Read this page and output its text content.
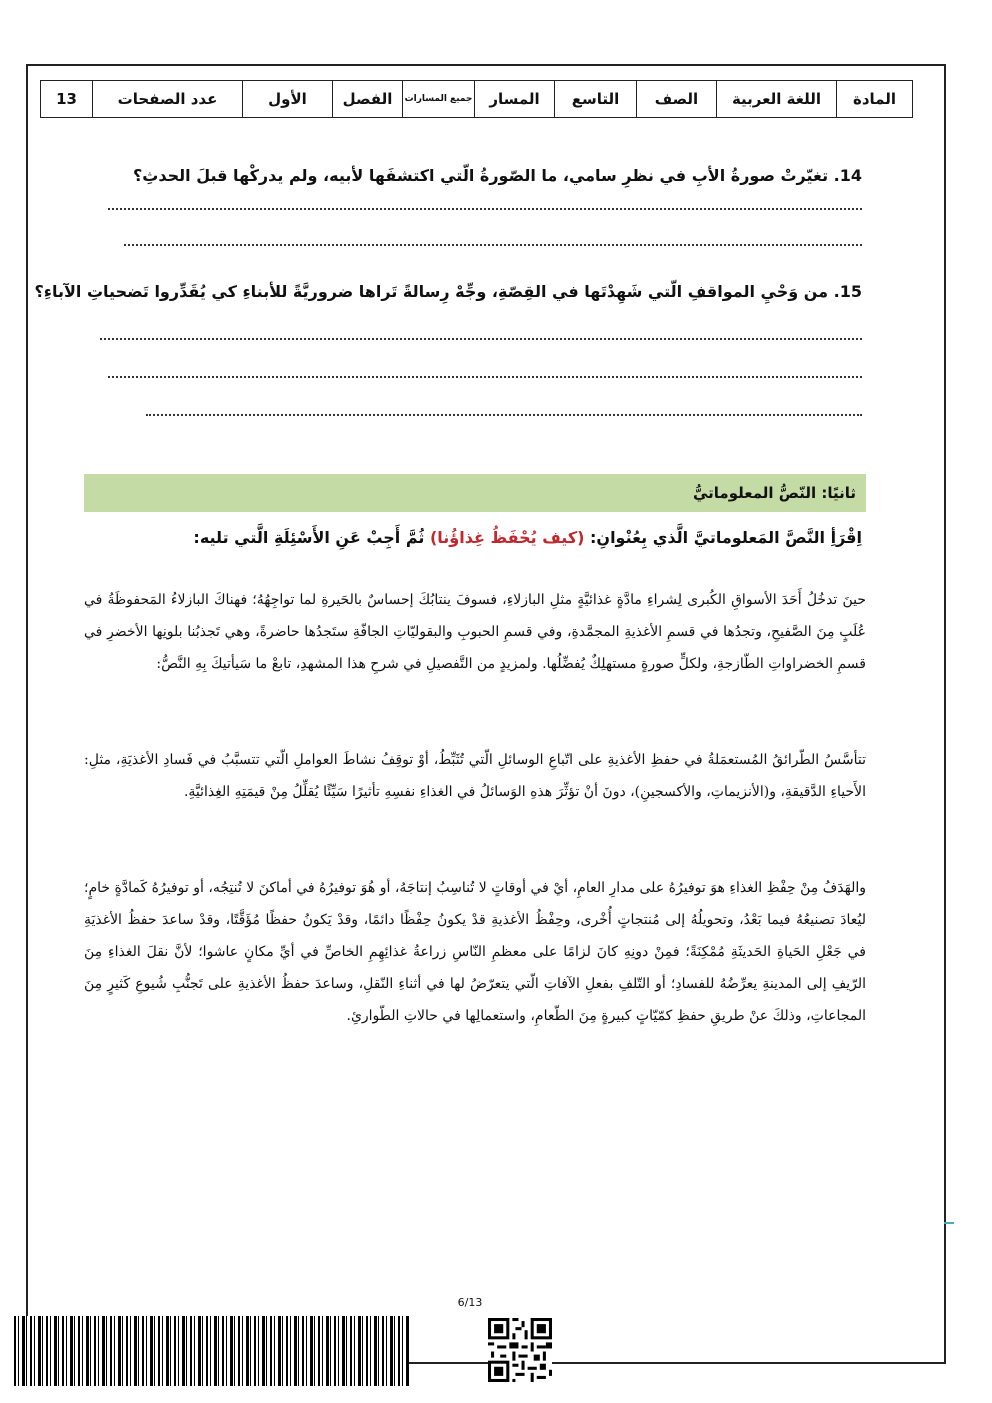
المادة	اللغة العربية	الصف	التاسع	المسار	جميع المسارات	الفصل	الأول	عدد الصفحات	13
14. تغيّرتْ صورةُ الأبِ في نظرِ سامي، ما الصّورةُ الّتي اكتشفَها لأبيه، ولم يدركْها قبلَ الحدثِ؟
15. من وَحْيِ المواقفِ الّتي شَهِدْتَها في القِصّةِ، وجِّهْ رِسالةً تَراها ضروريَّةً للأبناءِ كي يُقَدِّروا تَضحياتِ الآباءِ؟
ثانيًا: النّصُّ المعلوماتيُّ
اِقْرَأِ النَّصَّ المَعلوماتيَّ الَّذي بِعُنْوانِ: (كيف يُحْفَظُ غِذاؤُنا) ثُمَّ أَجِبْ عَنِ الأَسْئِلَةِ الَّتي تليه:
حينَ تدخُلُ أَحَدَ الأسواقِ الكُبرى لِشراءِ مادَّةٍ غذائيَّةٍ مثلِ البازلاءِ، فسوفَ ينتابُكَ إحساسٌ بالحَيرةِ لما تواجِهُهُ؛ فهناكَ البازلاءُ المَحفوظَةُ في عُلَبٍ مِنَ الصَّفيحِ، وتجدُها في قسمِ الأغذيةِ المجمَّدةِ، وفي قسمِ الحبوبِ والبقوليّاتِ الجافّةِ ستَجدُها حاضرةً، وهي تَجذبُنا بلونِها الأخضرِ في قسمِ الخضراواتِ الطّازجةِ، ولكلٍّ صورةٍ مستهلِكٌ يُفضِّلُها. ولمزيدٍ من التَّفصيلِ في شرحِ هذا المشهدِ، تابعْ ما سَيأتيكَ بِهِ النَّصُّ:
تتأسَّسُ الطّرائقُ المُستعمَلةُ في حفظِ الأغذيةِ على اتّباعِ الوسائلِ الّتي تُثَبِّطُ، أوْ توقِفُ نشاطَ العواملِ الّتي تتسبَّبُ في فَسادِ الأغذيَةِ، مثلِ: الأَحياءِ الدَّقيقةِ، و(الأنزيماتِ، والأكسجينِ)، دونَ أنْ تؤثِّرَ هذهِ الوَسائلُ في الغذاءِ نفسِهِ تأثيرًا سَيِّئًا يُقلِّلُ مِنْ قيمَتِهِ الغِذائيَّةِ.
والهَدَفُ مِنْ حِفْظِ الغذاءِ هوَ توفيرُهُ على مدارِ العامِ، أيْ في أوقاتٍ لا تُناسِبُ إنتاجَهُ، أو هُوَ توفيرُهُ في أماكنَ لا تُنتِجُه، أو توفيرُهُ كَمادَّةٍ خامٍ؛ ليُعادَ تصنيعُهُ فيما بَعْدُ، وتحويلُهُ إلى مُنتجاتٍ أُخْرى، وحِفْظُ الأغذيةِ قدْ يكونُ حِفْظًا دائمًا، وقدْ يَكونُ حفظًا مُؤَقَّتًا، وقدْ ساعدَ حفظُ الأغذيَةِ في جَعْلِ الحَياةِ الحَديثَةِ مُمْكِنَةً؛ فمِنْ دونِهِ كانَ لزامًا على معظمِ النّاسِ زراعةُ غذائِهِمِ الخاصِّ في أيِّ مكانٍ عاشوا؛ لأنَّ نقلَ الغذاءِ مِنَ الرّيفِ إلى المدينةِ يعرِّضُهُ للفسادِ؛ أو التّلفِ بفعلِ الآفاتِ الّتي يتعرّضُ لها في أثناءِ النّقلِ، وساعدَ حفظُ الأغذيةِ على تَجنُّبِ شُيوعِ كَثيرٍ مِنَ المجاعاتِ، وذلكَ عنْ طريقِ حفظِ كمّيّاتٍ كبيرةٍ مِنَ الطّعامِ، واستعمالِها في حالاتِ الطّوارئِ.
6/13
